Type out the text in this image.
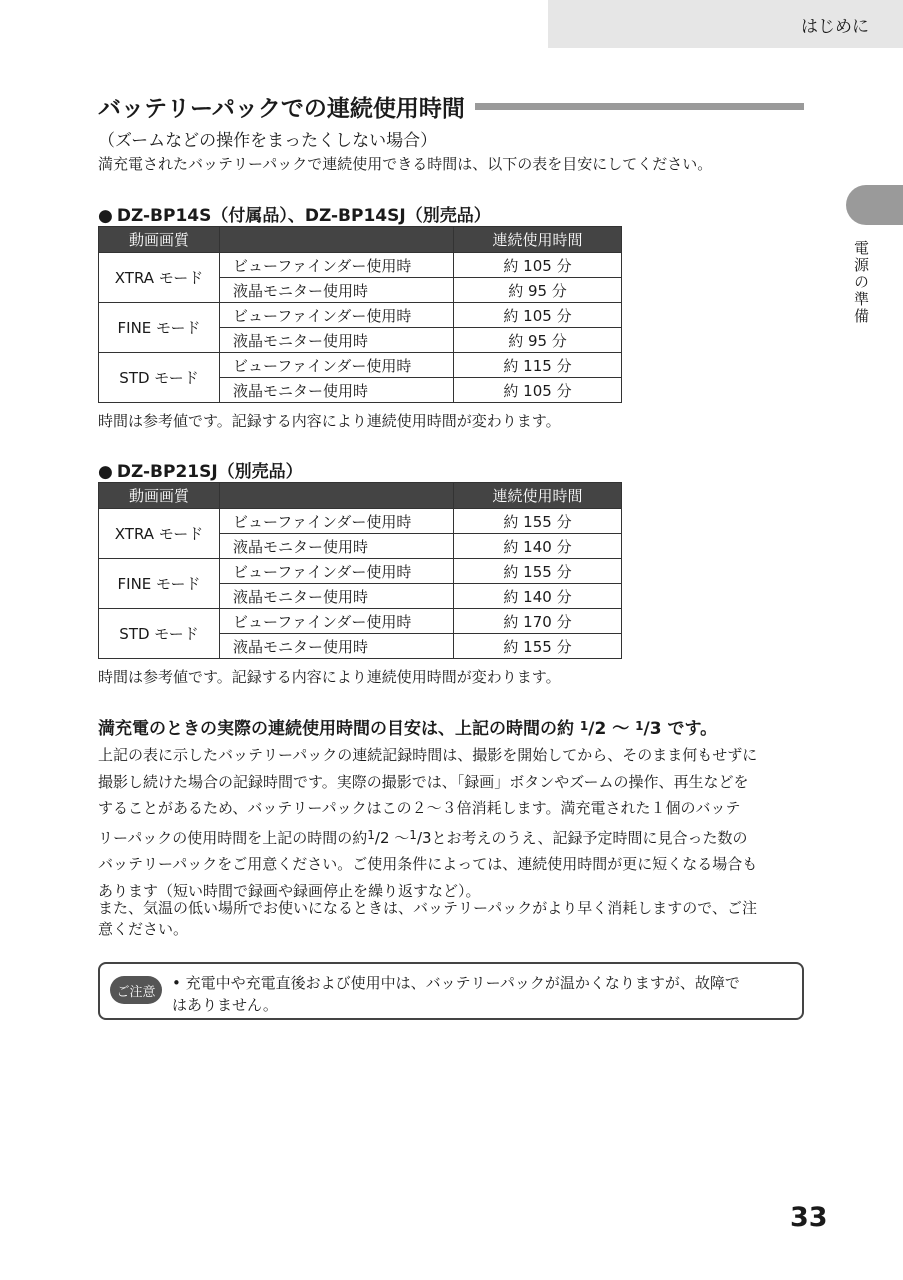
はじめに
電源の準備
バッテリーパックでの連続使用時間
（ズームなどの操作をまったくしない場合）
満充電されたバッテリーパックで連続使用できる時間は、以下の表を目安にしてください。
● DZ-BP14S（付属品）、DZ-BP14SJ（別売品）
動画画質		連続使用時間
XTRA モード	ビューファインダー使用時	約 105 分
	液晶モニター使用時	約 95 分
FINE モード	ビューファインダー使用時	約 105 分
	液晶モニター使用時	約 95 分
STD モード	ビューファインダー使用時	約 115 分
	液晶モニター使用時	約 105 分
時間は参考値です。記録する内容により連続使用時間が変わります。
● DZ-BP21SJ（別売品）
動画画質		連続使用時間
XTRA モード	ビューファインダー使用時	約 155 分
	液晶モニター使用時	約 140 分
FINE モード	ビューファインダー使用時	約 155 分
	液晶モニター使用時	約 140 分
STD モード	ビューファインダー使用時	約 170 分
	液晶モニター使用時	約 155 分
時間は参考値です。記録する内容により連続使用時間が変わります。
満充電のときの実際の連続使用時間の目安は、上記の時間の約 $^1$/2 〜 $^1$/3 です。

上記の表に示したバッテリーパックの連続記録時間は、撮影を開始してから、そのまま何もせずに

撮影し続けた場合の記録時間です。実際の撮影では、「録画」ボタンやズームの操作、再生などを

することがあるため、バッテリーパックはこの２〜３倍消耗します。満充電された１個のバッテ

リーパックの使用時間を上記の時間の約$^1$/2 〜$^1$/3とお考えのうえ、記録予定時間に見合った数の

バッテリーパックをご用意ください。ご使用条件によっては、連続使用時間が更に短くなる場合も

あります（短い時間で録画や録画停止を繰り返すなど）。

また、気温の低い場所でお使いになるときは、バッテリーパックがより早く消耗しますので、ご注

意ください。

ご注意	• 充電中や充電直後および使用中は、バッテリーパックが温かくなりますが、故障で

はありません。

33
